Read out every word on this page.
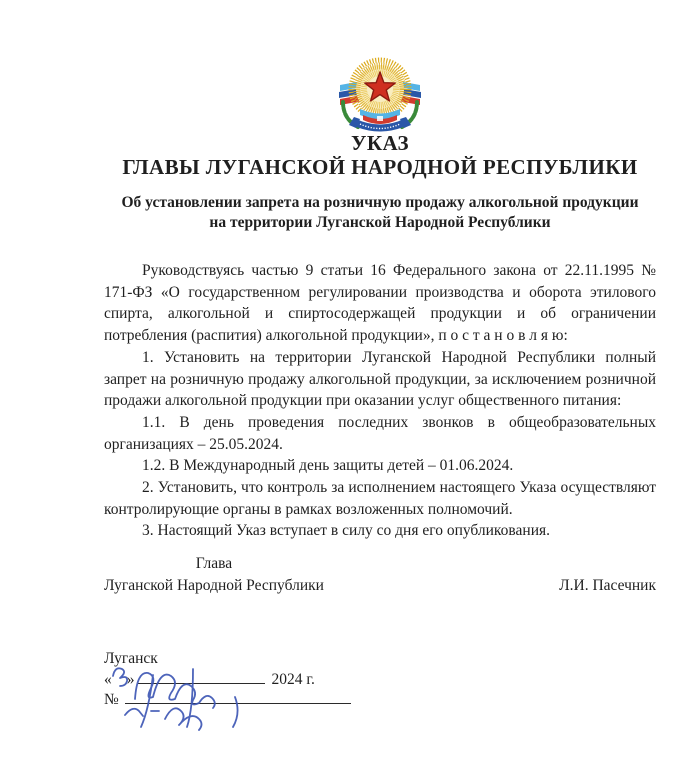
УКАЗ
ГЛАВЫ ЛУГАНСКОЙ НАРОДНОЙ РЕСПУБЛИКИ
Об установлении запрета на розничную продажу алкогольной продукции
на территории Луганской Народной Республики

Руководствуясь частью 9 статьи 16 Федерального закона от 22.11.1995 № 171-ФЗ «О государственном регулировании производства и оборота этилового спирта, алкогольной и спиртосодержащей продукции и об ограничении потребления (распития) алкогольной продукции», п о с т а н о в л я ю:

1. Установить на территории Луганской Народной Республики полный запрет на розничную продажу алкогольной продукции, за исключением розничной продажи алкогольной продукции при оказании услуг общественного питания:

1.1. В день проведения последних звонков в общеобразовательных организациях – 25.05.2024.

1.2. В Международный день защиты детей – 01.06.2024.

2. Установить, что контроль за исполнением настоящего Указа осуществляют контролирующие органы в рамках возложенных полномочий.

3. Настоящий Указ вступает в силу со дня его опубликования.

Глава
Луганской Народной Республики	Л.И. Пасечник
Луганск
« »	2024 г.
№
